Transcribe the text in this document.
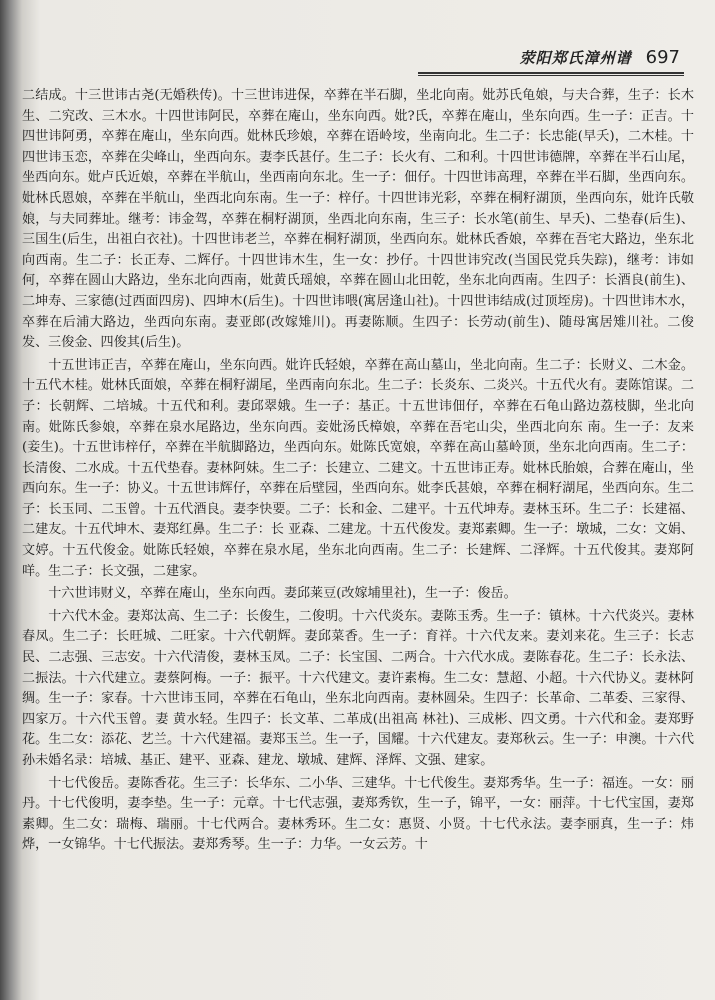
荥阳郑氏漳州谱 697

二结成。十三世讳古尧(无婚秩传)。十三世讳进保，卒葬在半石脚，坐北向南。妣苏氏龟娘，与夫合葬，生子：长木生、二究改、三木水。十四世讳阿民，卒葬在庵山，坐东向西。妣?氏，卒葬在庵山，坐东向西。生一子：正吉。十四世讳阿勇，卒葬在庵山，坐东向西。妣林氏珍娘，卒葬在语岭垵，坐南向北。生二子：长忠能(早夭)，二木桂。十四世讳玉恋，卒葬在尖峰山，坐西向东。妻李氏甚仔。生二子：长火有、二和利。十四世讳德牌，卒葬在半石山尾，坐西向东。妣卢氏近娘，卒葬在半航山，坐西南向东北。生一子：佃仔。十四世讳高理，卒葬在半石脚，坐西向东。妣林氏恩娘，卒葬在半航山，坐西北向东南。生一子：梓仔。十四世讳光彩，卒葬在桐籽湖顶，坐西向东，妣许氏敬娘，与夫同葬址。继考：讳金驾，卒葬在桐籽湖顶，坐西北向东南，生三子：长水笔(前生、早夭)、二垫春(后生)、三国生(后生，出祖白衣社)。十四世讳老兰，卒葬在桐籽湖顶，坐西向东。妣林氏香娘，卒葬在吾宅大路边，坐东北向西南。生二子：长正寿、二辉仔。十四世讳木生，生一女：抄仔。十四世讳究改(当国民党兵失踪)，继考：讳如何，卒葬在圆山大路边，坐东北向西南，妣黄氏瑶娘，卒葬在圆山北田乾，坐东北向西南。生四子：长酒良(前生)、二坤寿、三家德(过西面四房)、四坤木(后生)。十四世讳喂(寓居逢山社)。十四世讳结成(过顶垤房)。十四世讳木水，卒葬在后浦大路边，坐西向东南。妻亚郎(改嫁雉川)。再妻陈顺。生四子：长劳动(前生)、随母寓居雉川社。二俊发、三俊金、四俊其(后生)。

十五世讳正吉，卒葬在庵山，坐东向西。妣许氏轻娘，卒葬在高山墓山，坐北向南。生二子：长财义、二木金。十五代木桂。妣林氏面娘，卒葬在桐籽湖尾，坐西南向东北。生二子：长炎东、二炎兴。十五代火有。妻陈馆谋。二子：长朝辉、二培城。十五代和利。妻邱翠娥。生一子：基正。十五世讳佃仔，卒葬在石龟山路边荔枝脚，坐北向南。妣陈氏参娘，卒葬在泉水尾路边，坐东向西。妾妣汤氏樟娘，卒葬在吾宅山尖，坐西北向东 南。生一子：友来(妾生)。十五世讳梓仔，卒葬在半航脚路边，坐西向东。妣陈氏宽娘，卒葬在高山墓岭顶，坐东北向西南。生二子：长清俊、二水成。十五代垫春。妻林阿妹。生二子：长建立、二建文。十五世讳正寿。妣林氏胎娘，合葬在庵山，坐西向东。生一子：协义。十五世讳辉仔，卒葬在后壁园，坐西向东。妣李氏甚娘，卒葬在桐籽湖尾，坐西向东。生二子：长玉同、二玉曾。十五代酒良。妻李快要。二子：长和金、二建平。十五代坤寿。妻林玉环。生二子：长建福、二建友。十五代坤木、妻郑红鼻。生二子：长 亚森、二建龙。十五代俊发。妻郑素卿。生一子：墩城，二女：文娟、文婷。十五代俊金。妣陈氏轻娘，卒葬在泉水尾，坐东北向西南。生二子：长建辉、二泽辉。十五代俊其。妻郑阿咩。生二子：长文强，二建家。

十六世讳财义，卒葬在庵山，坐东向西。妻邱莱豆(改嫁埔里社)，生一子：俊岳。

十六代木金。妻郑汰高、生二子：长俊生，二俊明。十六代炎东。妻陈玉秀。生一子：镇林。十六代炎兴。妻林春凤。生二子：长旺城、二旺家。十六代朝辉。妻邱菜香。生一子：育祥。十六代友来。妻刘来花。生三子：长志民、二志强、三志安。十六代清俊，妻林玉凤。二子：长宝国、二两合。十六代水成。妻陈春花。生二子：长永法、二振法。十六代建立。妻蔡阿梅。一子：振平。十六代建文。妻许素梅。生二女：慧超、小超。十六代协义。妻林阿绸。生一子：家春。十六世讳玉同，卒葬在石龟山，坐东北向西南。妻林圆朵。生四子：长革命、二革委、三家得、四家万。十六代玉曾。妻 黄水轻。生四子：长文革、二革成(出祖高 林社)、三成彬、四文勇。十六代和金。妻郑野花。生二女：添花、艺兰。十六代建福。妻郑玉兰。生一子，国耀。十六代建友。妻郑秋云。生一子：申澳。十六代孙未婚名录：培城、基正、建平、亚森、建龙、墩城、建辉、泽辉、文强、建家。

十七代俊岳。妻陈香花。生三子：长华东、二小华、三建华。十七代俊生。妻郑秀华。生一子：福连。一女：丽丹。十七代俊明，妻李垫。生一子：元章。十七代志强，妻郑秀钦，生一子，锦平，一女：丽萍。十七代宝国，妻郑素卿。生二女：瑞梅、瑞丽。十七代两合。妻林秀环。生二女：惠贤、小贤。十七代永法。妻李丽真，生一子：炜烨，一女锦华。十七代振法。妻郑秀琴。生一子：力华。一女云芳。十
